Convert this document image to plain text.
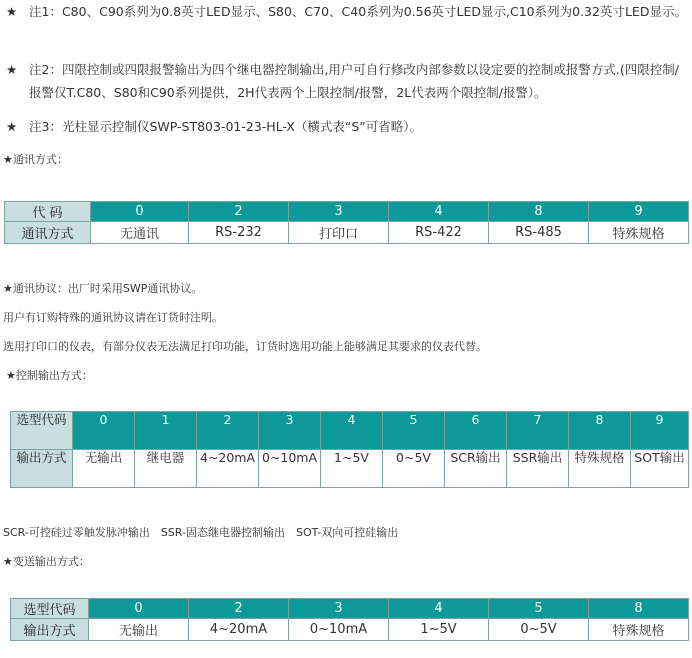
★ 注1：C80、C90系列为0.8英寸LED显示、S80、C70、C40系列为0.56英寸LED显示,C10系列为0.32英寸LED显示。
★ 注2：四限控制或四限报警输出为四个继电器控制输出,用户可自行修改内部参数以设定要的控制或报警方式.(四限控制/报警仅T.C80、S80和C90系列提供，2H代表两个上限控制/报警，2L代表两个限控制/报警）。
★ 注3：光柱显示控制仪SWP-ST803-01-23-HL-X（横式表“S”可省略）。
★通讯方式：
代 码	0	2	3	4	8	9
通讯方式	无通讯	RS-232	打印口	RS-422	RS-485	特殊规格
★通讯协议：出厂时采用SWP通讯协议。
用户有订购特殊的通讯协议请在订货时注明。
选用打印口的仪表，有部分仪表无法满足打印功能，订货时选用功能上能够满足其要求的仪表代替。
★控制输出方式：
选型代码	0	1	2	3	4	5	6	7	8	9
输出方式	无输出	继电器	4~20mA	0~10mA	1~5V	0~5V	SCR输出	SSR输出	特殊规格	SOT输出
SCR-可控硅过零触发脉冲输出　SSR-固态继电器控制输出　SOT-双向可控硅输出
★变送输出方式：
选型代码	0	2	3	4	5	8
输出方式	无输出	4~20mA	0~10mA	1~5V	0~5V	特殊规格
